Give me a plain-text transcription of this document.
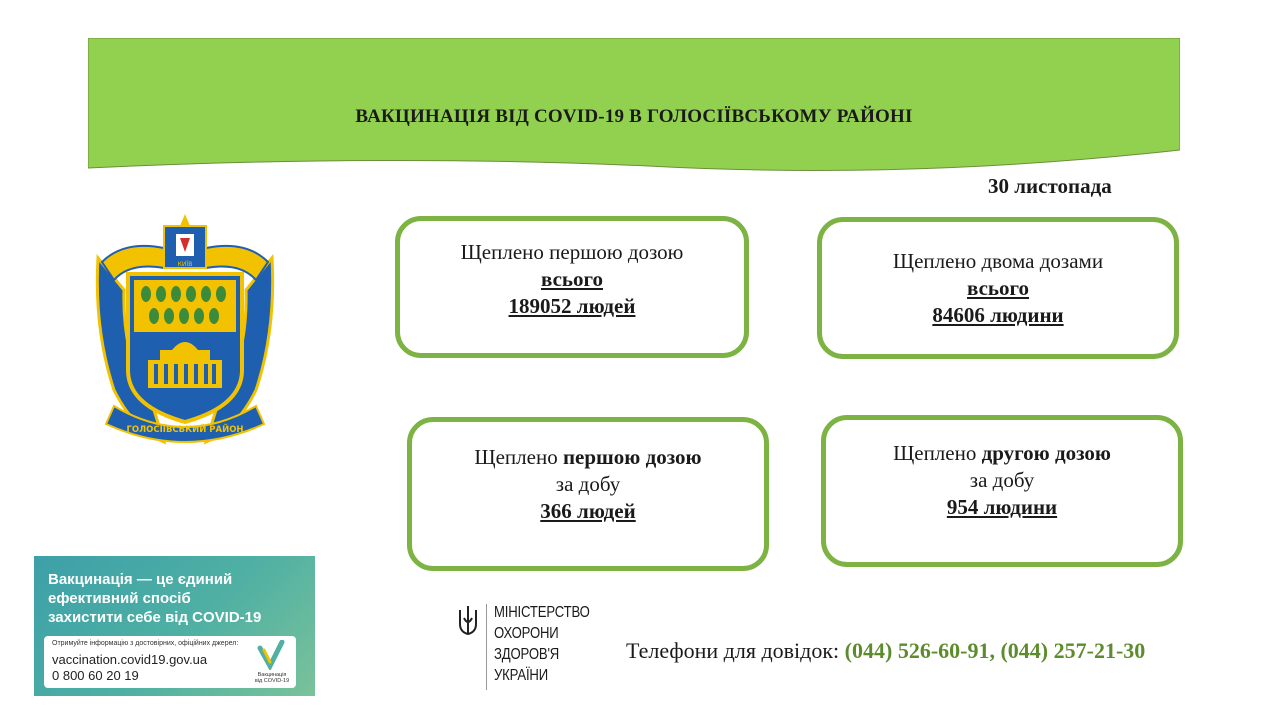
ВАКЦИНАЦІЯ ВІД COVID-19 В ГОЛОСІЇВСЬКОМУ РАЙОНІ
30 листопада
КИЇВ
ГОЛОСІЇВСЬКИЙ РАЙОН
Щеплено першою дозою
всього
189052 людей
Щеплено двома дозами
всього
84606 людини
Щеплено першою дозою
за добу
366 людей
Щеплено другою дозою
за добу
954 людини
Вакцинація — це єдиний
ефективний спосіб
захистити себе від COVID-19
Отримуйте інформацію з достовірних, офіційних джерел:
vaccination.covid19.gov.ua
0 800 60 20 19	Вакцинація
від COVID-19
МІНІСТЕРСТВО
ОХОРОНИ
ЗДОРОВ'Я
УКРАЇНИ
Телефони для довідок: (044) 526-60-91, (044) 257-21-30
